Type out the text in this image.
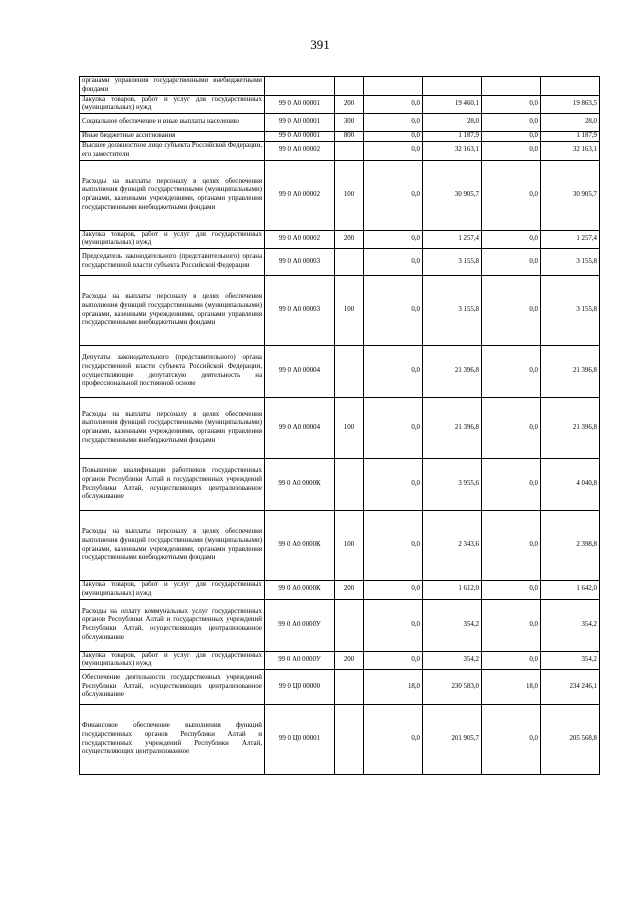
391
органами управления государственными внебюджетными фондами						
Закупка товаров, работ и услуг для государственных (муниципальных) нужд	99 0 А0 00001	200	0,0	19 460,1	0,0	19 863,5
Социальное обеспечение и иные выплаты населению	99 0 А0 00001	300	0,0	28,0	0,0	28,0
Иные бюджетные ассигнования	99 0 А0 00001	800	0,0	1 187,9	0,0	1 187,9
Высшее должностное лицо субъекта Российской Федерации, его заместители	99 0 А0 00002		0,0	32 163,1	0,0	32 163,1
Расходы на выплаты персоналу в целях обеспечения выполнения функций государственными (муниципальными) органами, казенными учреждениями, органами управления государственными внебюджетными фондами	99 0 А0 00002	100	0,0	30 905,7	0,0	30 905,7
Закупка товаров, работ и услуг для государственных (муниципальных) нужд	99 0 А0 00002	200	0,0	1 257,4	0,0	1 257,4
Председатель законодательного (представительного) органа государственной власти субъекта Российской Федерации	99 0 А0 00003		0,0	3 155,8	0,0	3 155,8
Расходы на выплаты персоналу в целях обеспечения выполнения функций государственными (муниципальными) органами, казенными учреждениями, органами управления государственными внебюджетными фондами	99 0 А0 00003	100	0,0	3 155,8	0,0	3 155,8
Депутаты законодательного (представительного) органа государственной власти субъекта Российской Федерации, осуществляющие депутатскую деятельность на профессиональной постоянной основе	99 0 А0 00004		0,0	21 396,8	0,0	21 396,8
Расходы на выплаты персоналу в целях обеспечения выполнения функций государственными (муниципальными) органами, казенными учреждениями, органами управления государственными внебюджетными фондами	99 0 А0 00004	100	0,0	21 396,8	0,0	21 396,8
Повышение квалификации работников государственных органов Республики Алтай и государственных учреждений Республики Алтай, осуществляющих централизованное обслуживание	99 0 А0 0000К		0,0	3 955,6	0,0	4 040,8
Расходы на выплаты персоналу в целях обеспечения выполнения функций государственными (муниципальными) органами, казенными учреждениями, органами управления государственными внебюджетными фондами	99 0 А0 0000К	100	0,0	2 343,6	0,0	2 398,8
Закупка товаров, работ и услуг для государственных (муниципальных) нужд	99 0 А0 0000К	200	0,0	1 612,0	0,0	1 642,0
Расходы на оплату коммунальных услуг государственных органов Республики Алтай и государственных учреждений Республики Алтай, осуществляющих централизованное обслуживание	99 0 А0 0000У		0,0	354,2	0,0	354,2
Закупка товаров, работ и услуг для государственных (муниципальных) нужд	99 0 А0 0000У	200	0,0	354,2	0,0	354,2
Обеспечение деятельности государственных учреждений Республики Алтай, осуществляющих централизованное обслуживание	99 0 Ц0 00000		18,0	230 583,0	18,0	234 246,1
Финансовое обеспечение выполнения функций государственных органов Республики Алтай и государственных учреждений Республики Алтай, осуществляющих централизованное	99 0 Ц0 00001		0,0	201 905,7	0,0	205 568,8
